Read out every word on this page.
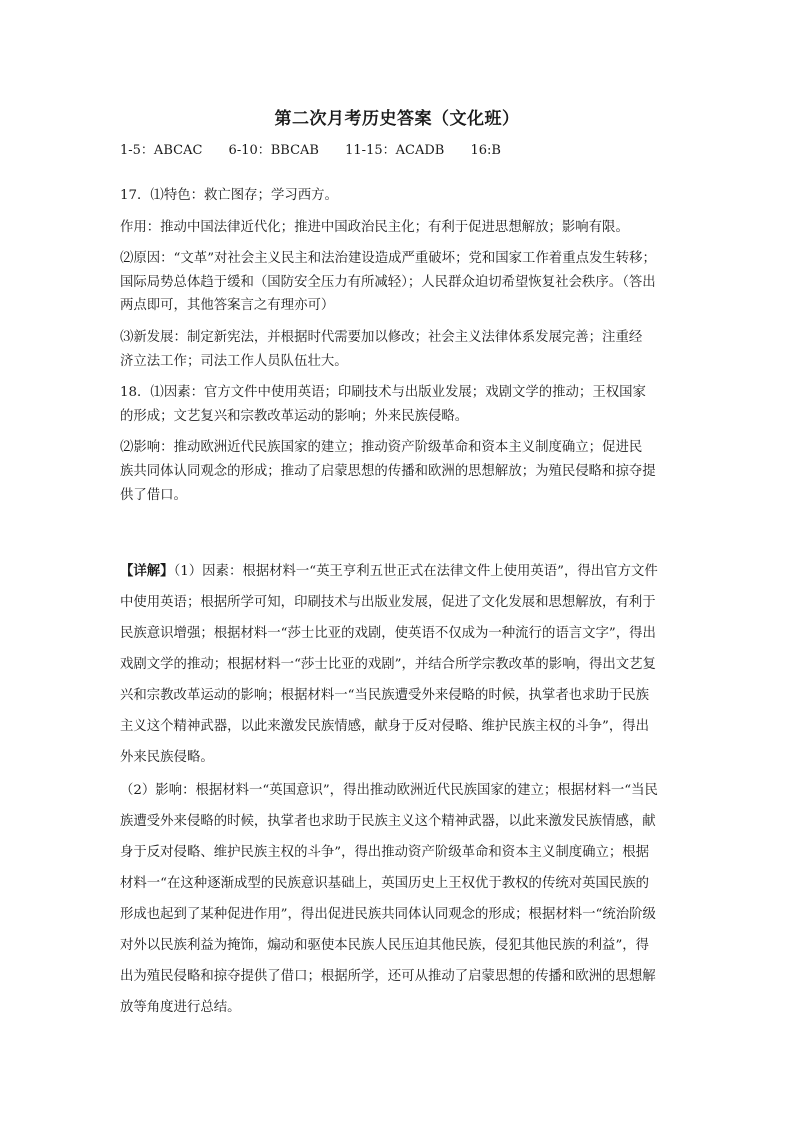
第二次月考历史答案（文化班）
1-5：ABCAC 6-10：BBCAB 11-15：ACADB 16:B

17．⑴特色：救亡图存；学习西方。

作用：推动中国法律近代化；推进中国政治民主化；有利于促进思想解放；影响有限。

⑵原因：“文革”对社会主义民主和法治建设造成严重破坏；党和国家工作着重点发生转移；

国际局势总体趋于缓和（国防安全压力有所减轻）；人民群众迫切希望恢复社会秩序。（答出

两点即可，其他答案言之有理亦可）

⑶新发展：制定新宪法，并根据时代需要加以修改；社会主义法律体系发展完善；注重经

济立法工作；司法工作人员队伍壮大。

18．⑴因素：官方文件中使用英语；印刷技术与出版业发展；戏剧文学的推动；王权国家

的形成；文艺复兴和宗教改革运动的影响；外来民族侵略。

⑵影响：推动欧洲近代民族国家的建立；推动资产阶级革命和资本主义制度确立；促进民

族共同体认同观念的形成；推动了启蒙思想的传播和欧洲的思想解放；为殖民侵略和掠夺提

供了借口。

【详解】（1）因素：根据材料一“英王亨利五世正式在法律文件上使用英语”，得出官方文件

中使用英语；根据所学可知，印刷技术与出版业发展，促进了文化发展和思想解放，有利于

民族意识增强；根据材料一“莎士比亚的戏剧，使英语不仅成为一种流行的语言文字”，得出

戏剧文学的推动；根据材料一“莎士比亚的戏剧”，并结合所学宗教改革的影响，得出文艺复

兴和宗教改革运动的影响；根据材料一“当民族遭受外来侵略的时候，执掌者也求助于民族

主义这个精神武器，以此来激发民族情感，献身于反对侵略、维护民族主权的斗争”，得出

外来民族侵略。

（2）影响：根据材料一“英国意识”，得出推动欧洲近代民族国家的建立；根据材料一“当民

族遭受外来侵略的时候，执掌者也求助于民族主义这个精神武器，以此来激发民族情感，献

身于反对侵略、维护民族主权的斗争”，得出推动资产阶级革命和资本主义制度确立；根据

材料一“在这种逐渐成型的民族意识基础上，英国历史上王权优于教权的传统对英国民族的

形成也起到了某种促进作用”，得出促进民族共同体认同观念的形成；根据材料一“统治阶级

对外以民族利益为掩饰，煽动和驱使本民族人民压迫其他民族，侵犯其他民族的利益”，得

出为殖民侵略和掠夺提供了借口；根据所学，还可从推动了启蒙思想的传播和欧洲的思想解

放等角度进行总结。
